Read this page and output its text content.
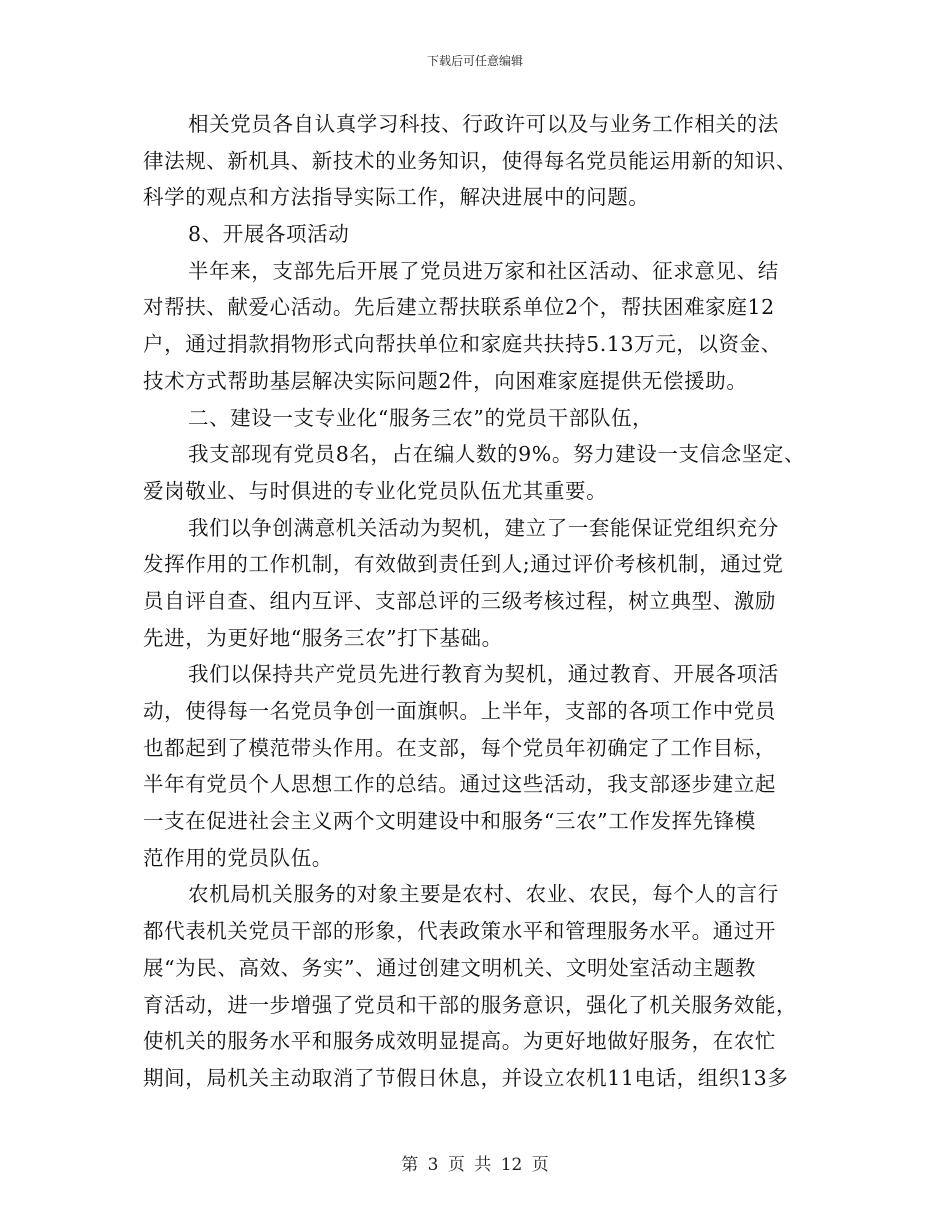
下载后可任意编辑
相关党员各自认真学习科技、行政许可以及与业务工作相关的法
律法规、新机具、新技术的业务知识，使得每名党员能运用新的知识、
科学的观点和方法指导实际工作，解决进展中的问题。
8、开展各项活动
半年来，支部先后开展了党员进万家和社区活动、征求意见、结
对帮扶、献爱心活动。先后建立帮扶联系单位2个，帮扶困难家庭12
户，通过捐款捐物形式向帮扶单位和家庭共扶持5.13万元，以资金、
技术方式帮助基层解决实际问题2件，向困难家庭提供无偿援助。
二、建设一支专业化“服务三农”的党员干部队伍，
我支部现有党员8名，占在编人数的9%。努力建设一支信念坚定、
爱岗敬业、与时俱进的专业化党员队伍尤其重要。
我们以争创满意机关活动为契机，建立了一套能保证党组织充分
发挥作用的工作机制，有效做到责任到人;通过评价考核机制，通过党
员自评自查、组内互评、支部总评的三级考核过程，树立典型、激励
先进，为更好地“服务三农”打下基础。
我们以保持共产党员先进行教育为契机，通过教育、开展各项活
动，使得每一名党员争创一面旗帜。上半年，支部的各项工作中党员
也都起到了模范带头作用。在支部，每个党员年初确定了工作目标，
半年有党员个人思想工作的总结。通过这些活动，我支部逐步建立起
一支在促进社会主义两个文明建设中和服务“三农”工作发挥先锋模
范作用的党员队伍。
农机局机关服务的对象主要是农村、农业、农民，每个人的言行
都代表机关党员干部的形象，代表政策水平和管理服务水平。通过开
展“为民、高效、务实”、通过创建文明机关、文明处室活动主题教
育活动，进一步增强了党员和干部的服务意识，强化了机关服务效能，
使机关的服务水平和服务成效明显提高。为更好地做好服务，在农忙
期间，局机关主动取消了节假日休息，并设立农机11电话，组织13多
第 3 页 共 12 页
